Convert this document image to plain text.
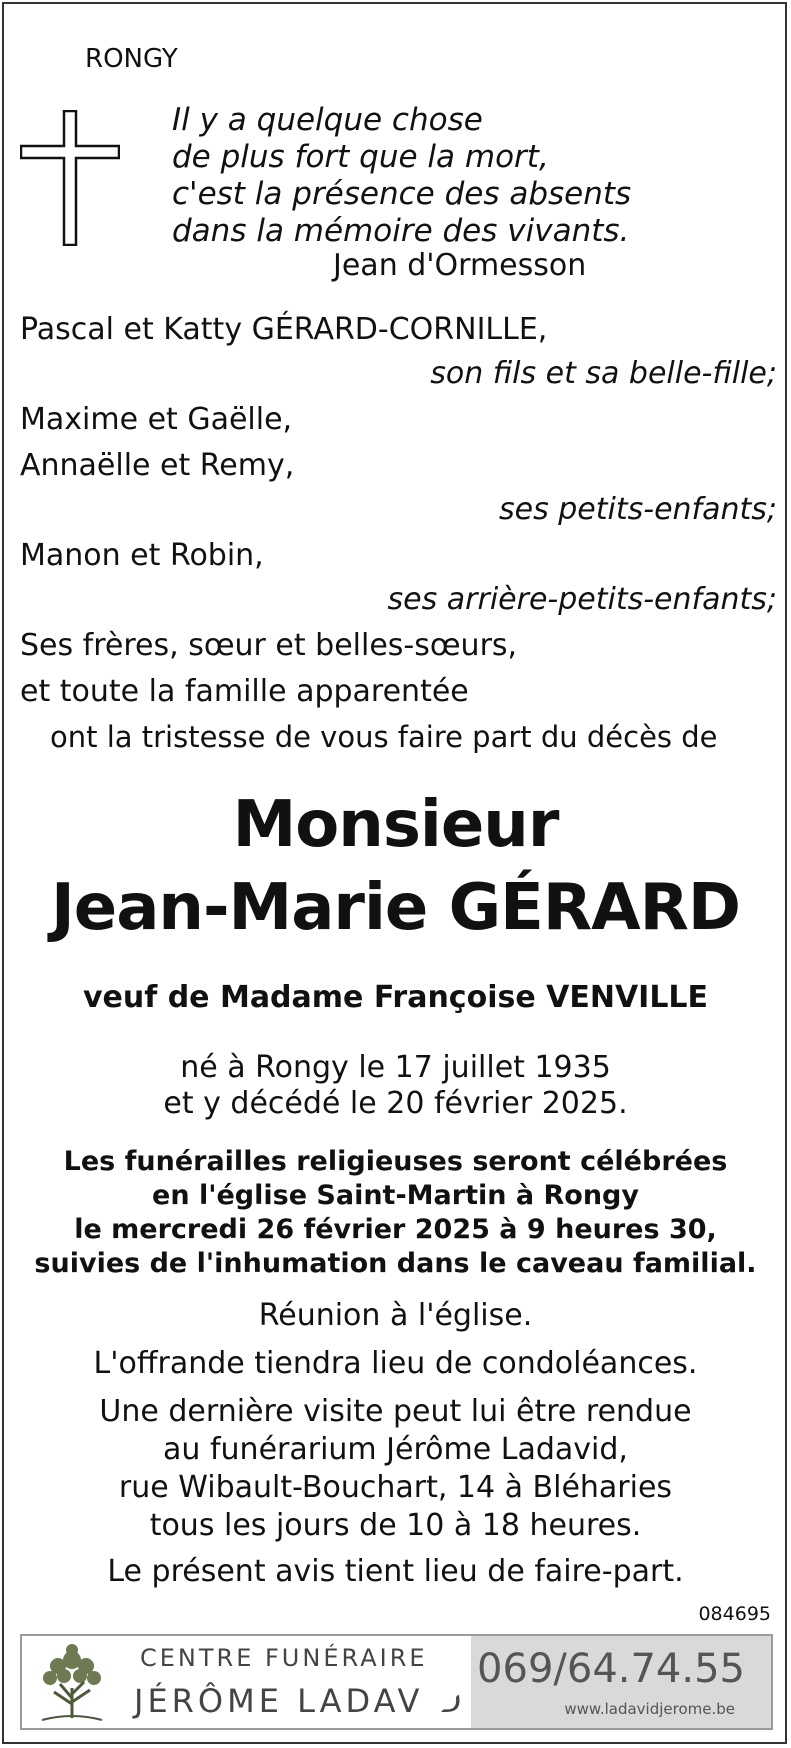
RONGY
Il y a quelque chose
de plus fort que la mort,
c'est la présence des absents
dans la mémoire des vivants.
Jean d'Ormesson
Pascal et Katty GÉRARD-CORNILLE,
son fils et sa belle-fille;
Maxime et Gaëlle,
Annaëlle et Remy,
ses petits-enfants;
Manon et Robin,
ses arrière-petits-enfants;
Ses frères, sœur et belles-sœurs,
et toute la famille apparentée
ont la tristesse de vous faire part du décès de
Monsieur
Jean-Marie GÉRARD
veuf de Madame Françoise VENVILLE
né à Rongy le 17 juillet 1935
et y décédé le 20 février 2025.
Les funérailles religieuses seront célébrées
en l'église Saint-Martin à Rongy
le mercredi 26 février 2025 à 9 heures 30,
suivies de l'inhumation dans le caveau familial.
Réunion à l'église.
L'offrande tiendra lieu de condoléances.
Une dernière visite peut lui être rendue
au funérarium Jérôme Ladavid,
rue Wibault-Bouchart, 14 à Bléharies
tous les jours de 10 à 18 heures.
Le présent avis tient lieu de faire-part.
084695
CENTRE FUNÉRAIRE
JÉRÔME LADAVID
069/64.74.55
www.ladavidjerome.be
